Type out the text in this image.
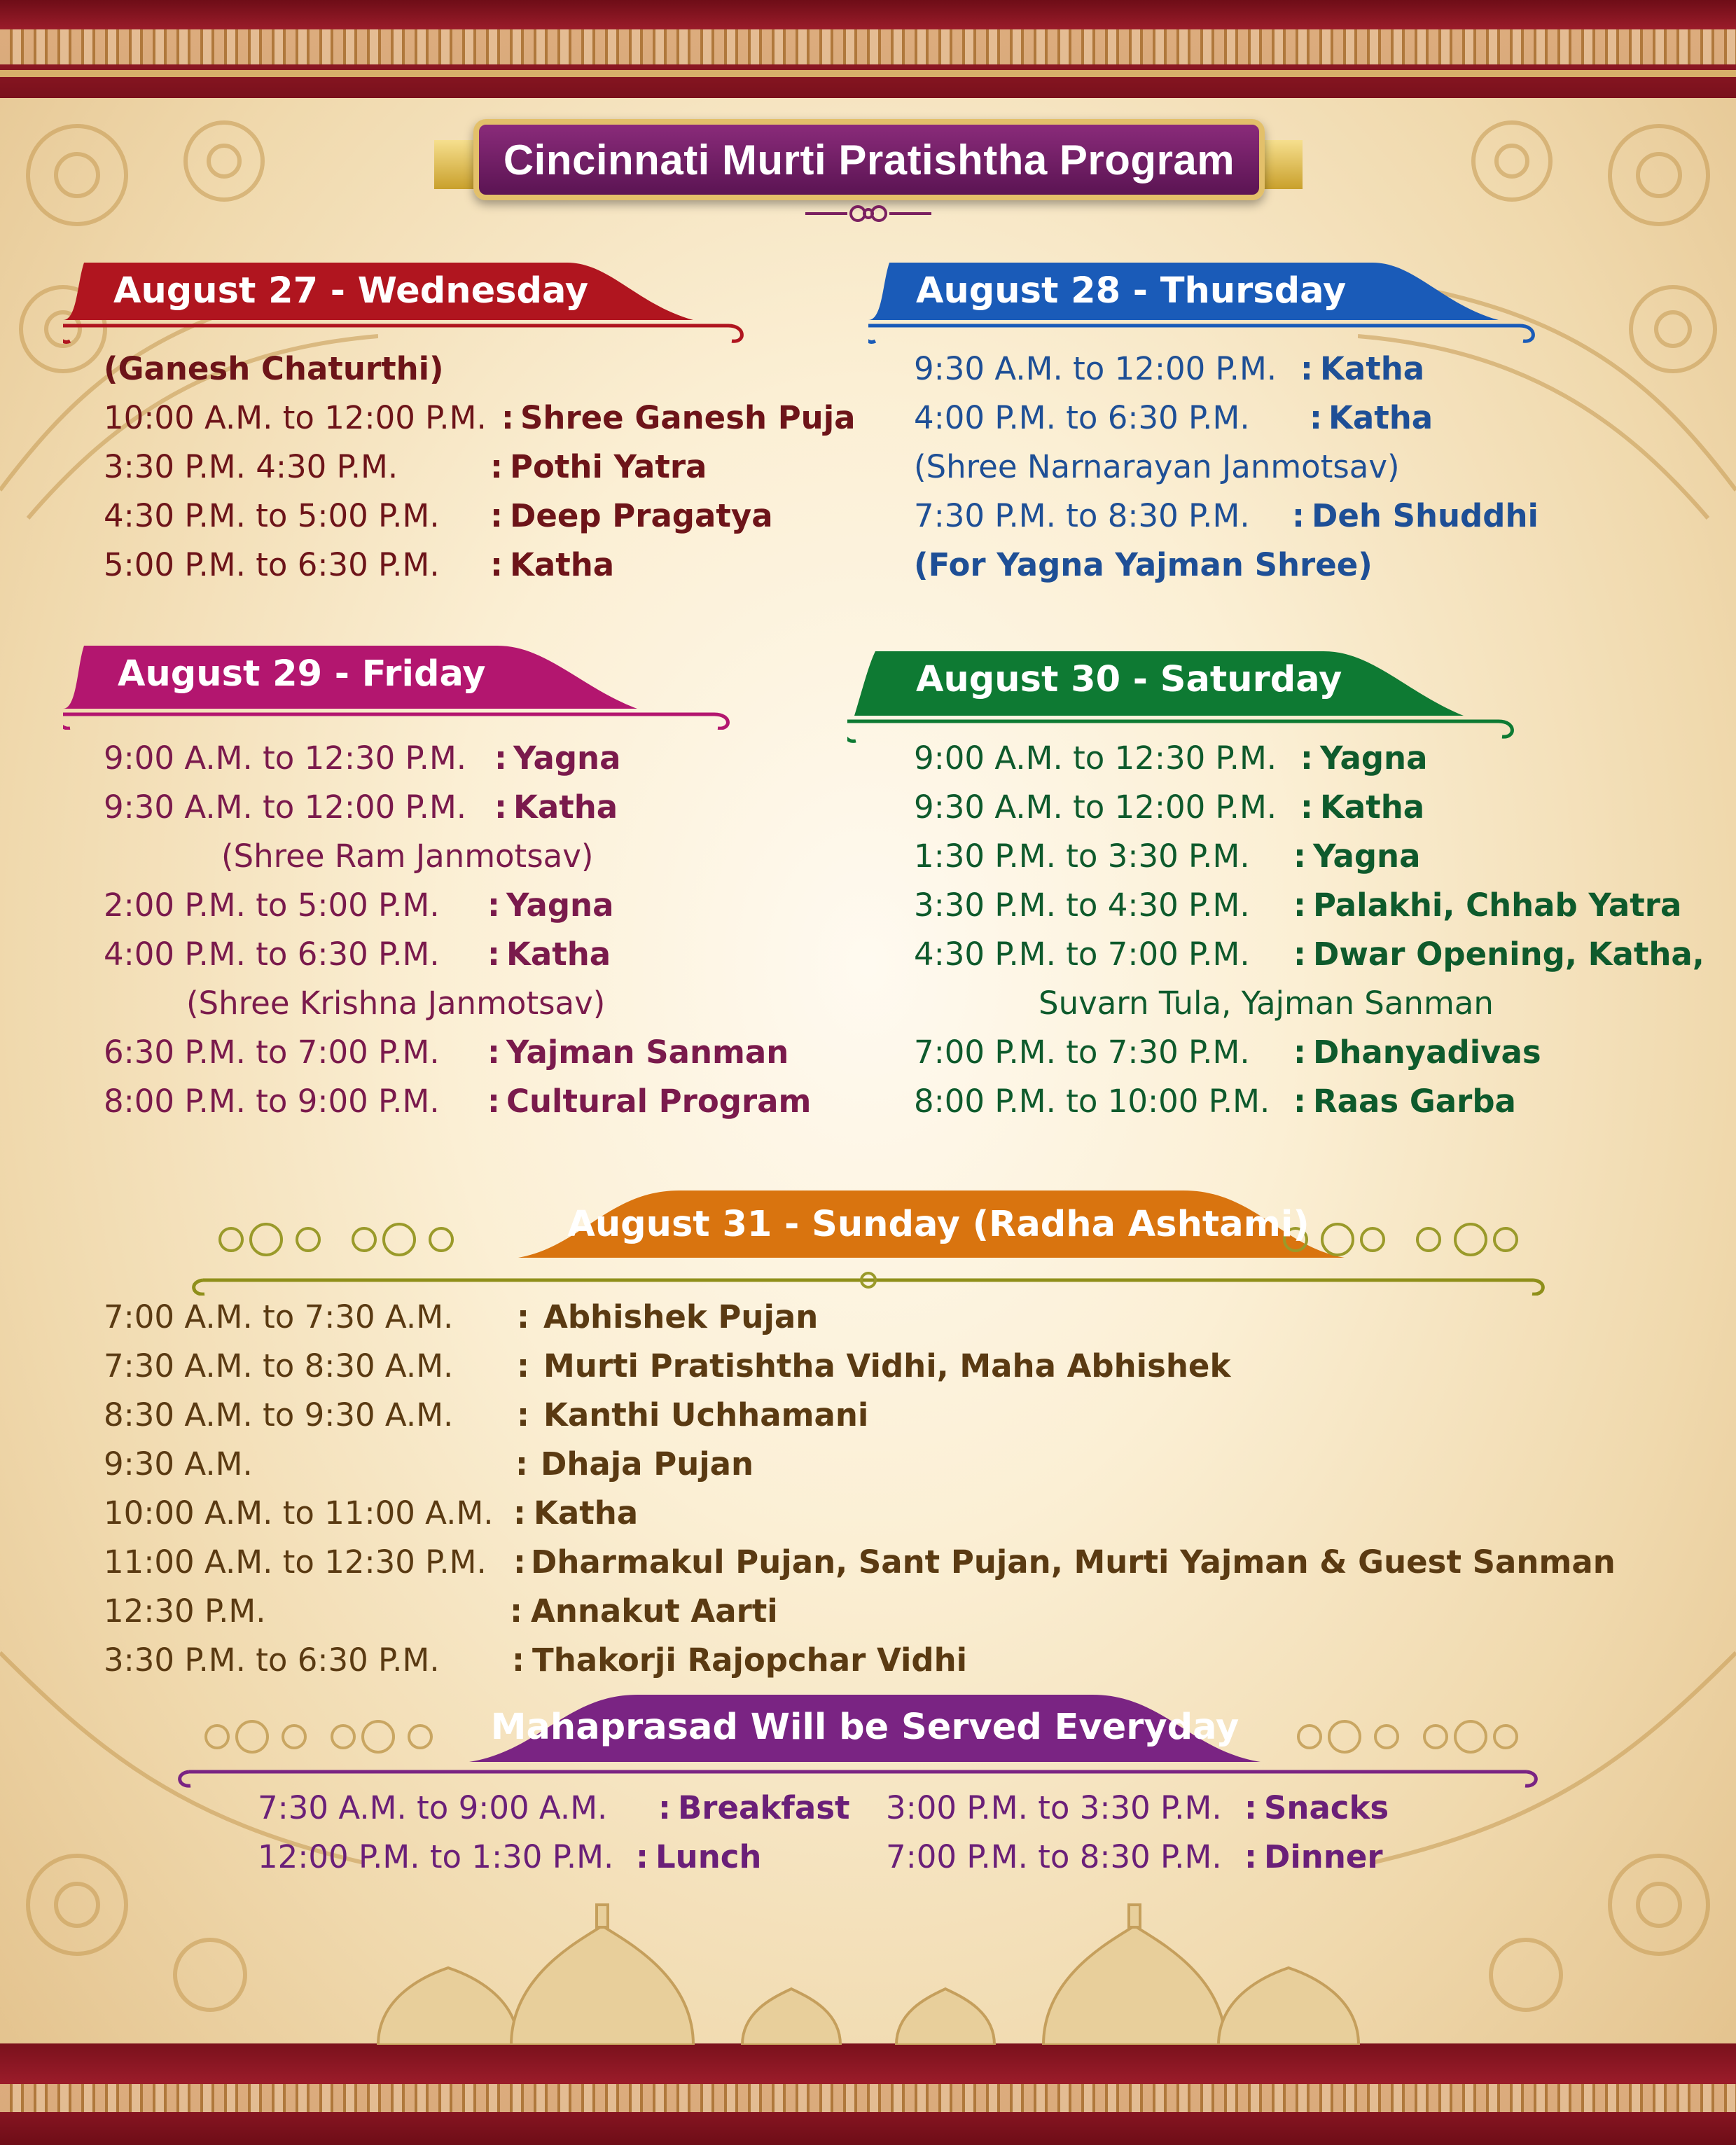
Cincinnati Murti Pratishtha Program
August 27 - Wednesday
(Ganesh Chaturthi)
10:00 A.M. to 12:00 P.M. : Shree Ganesh Puja
3:30 P.M. 4:30 P.M.	: Pothi Yatra
4:30 P.M. to 5:00 P.M. : Deep Pragatya
5:00 P.M. to 6:30 P.M. : Katha
August 28 - Thursday
9:30 A.M. to 12:00 P.M. : Katha
4:00 P.M. to 6:30 P.M. : Katha
(Shree Narnarayan Janmotsav)
7:30 P.M. to 8:30 P.M. : Deh Shuddhi
(For Yagna Yajman Shree)
August 29 - Friday
9:00 A.M. to 12:30 P.M. : Yagna
9:30 A.M. to 12:00 P.M. : Katha
(Shree Ram Janmotsav)
2:00 P.M. to 5:00 P.M. : Yagna
4:00 P.M. to 6:30 P.M. : Katha
(Shree Krishna Janmotsav)
6:30 P.M. to 7:00 P.M. : Yajman Sanman
8:00 P.M. to 9:00 P.M. : Cultural Program
August 30 - Saturday
9:00 A.M. to 12:30 P.M. : Yagna
9:30 A.M. to 12:00 P.M. : Katha
1:30 P.M. to 3:30 P.M. : Yagna
3:30 P.M. to 4:30 P.M. : Palakhi, Chhab Yatra
4:30 P.M. to 7:00 P.M. : Dwar Opening, Katha,
Suvarn Tula, Yajman Sanman
7:00 P.M. to 7:30 P.M. : Dhanyadivas
8:00 P.M. to 10:00 P.M. : Raas Garba
August 31 - Sunday (Radha Ashtami)
7:00 A.M. to 7:30 A.M. : Abhishek Pujan
7:30 A.M. to 8:30 A.M. : Murti Pratishtha Vidhi, Maha Abhishek
8:30 A.M. to 9:30 A.M. : Kanthi Uchhamani
9:30 A.M.	: Dhaja Pujan
10:00 A.M. to 11:00 A.M. : Katha
11:00 A.M. to 12:30 P.M. : Dharmakul Pujan, Sant Pujan, Murti Yajman & Guest Sanman
12:30 P.M.	: Annakut Aarti
3:30 P.M. to 6:30 P.M. : Thakorji Rajopchar Vidhi
Mahaprasad Will be Served Everyday
7:30 A.M. to 9:00 A.M. : Breakfast
12:00 P.M. to 1:30 P.M. : Lunch
3:00 P.M. to 3:30 P.M. : Snacks
7:00 P.M. to 8:30 P.M. : Dinner
